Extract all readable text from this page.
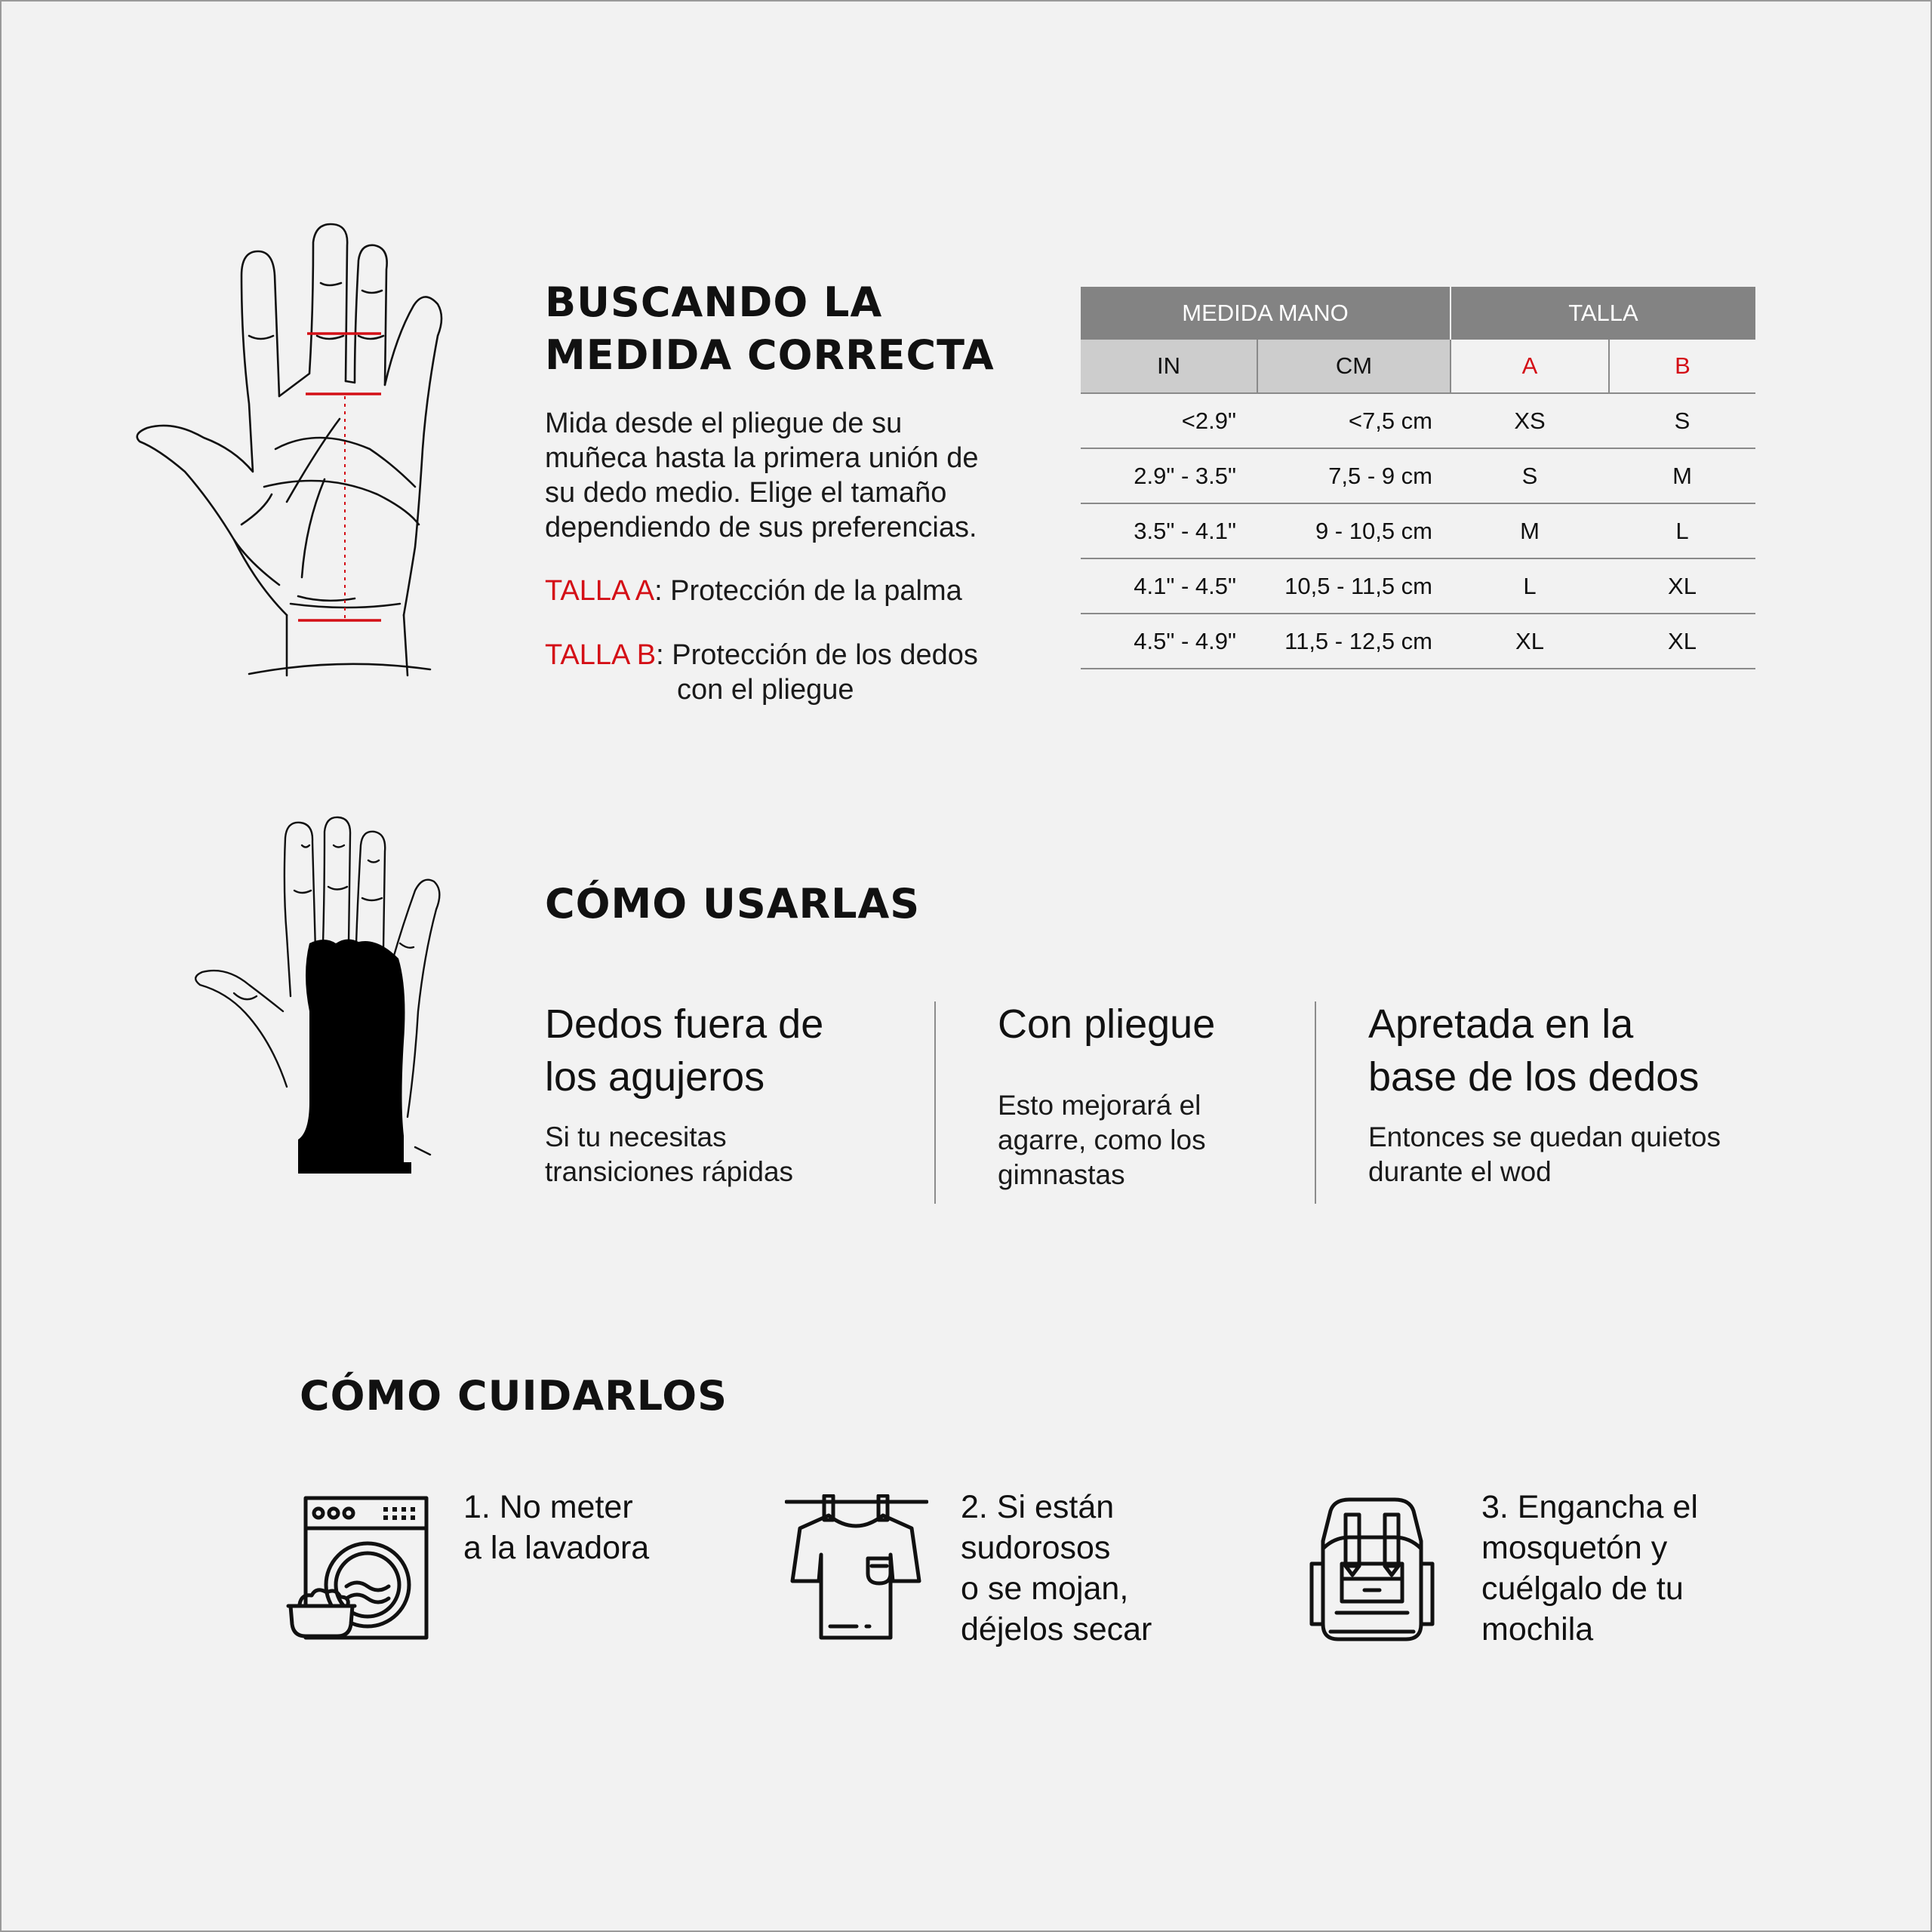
BUSCANDO LA
MEDIDA CORRECTA
Mida desde el pliegue de su
muñeca hasta la primera unión de
su dedo medio. Elige el tamaño
dependiendo de sus preferencias.
TALLA A: Protección de la palma
TALLA B: Protección de los dedos
con el pliegue
MEDIDA MANO		TALLA	
IN	CM	A	B
<2.9"	<7,5 cm	XS	S
2.9" - 3.5"	7,5 - 9 cm	S	M
3.5" - 4.1"	9 - 10,5 cm	M	L
4.1" - 4.5"	10,5 - 11,5 cm	L	XL
4.5" - 4.9"	11,5 - 12,5 cm	XL	XL
CÓMO USARLAS
Dedos fuera de
los agujeros
Si tu necesitas
transiciones rápidas
Con pliegue
Esto mejorará el
agarre, como los
gimnastas
Apretada en la
base de los dedos
Entonces se quedan quietos
durante el wod
CÓMO CUIDARLOS
1. No meter
a la lavadora
2. Si están
sudorosos
o se mojan,
déjelos secar
3. Engancha el
mosquetón y
cuélgalo de tu
mochila
